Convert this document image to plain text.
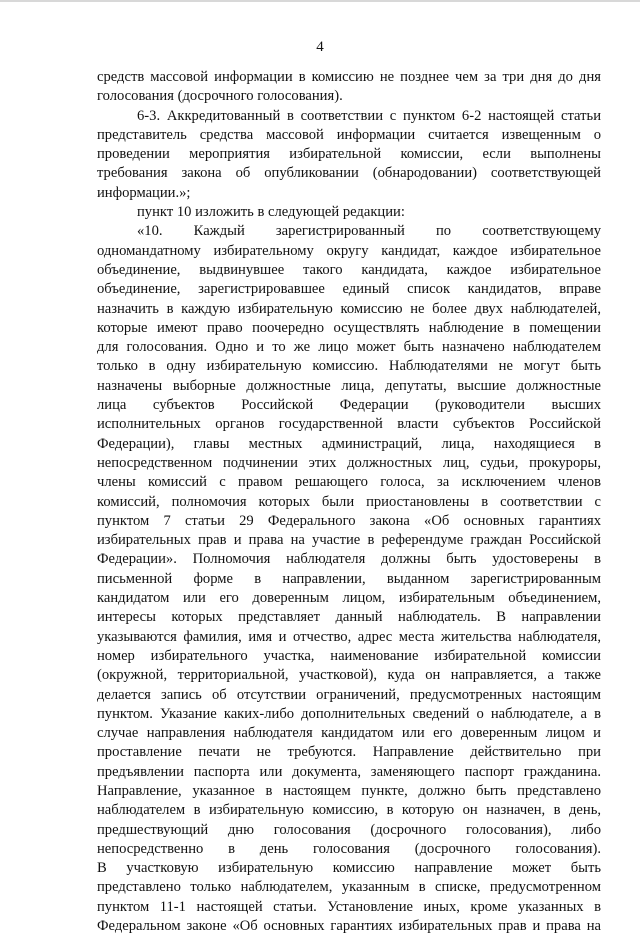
4
средств массовой информации в комиссию не позднее чем за три дня до дня
голосования (досрочного голосования).
6-3. Аккредитованный в соответствии с пунктом 6-2 настоящей статьи
представитель средства массовой информации считается извещенным о
проведении мероприятия избирательной комиссии, если выполнены
требования закона об опубликовании (обнародовании) соответствующей
информации.»;
пункт 10 изложить в следующей редакции:
«10. Каждый зарегистрированный по соответствующему
одномандатному избирательному округу кандидат, каждое избирательное
объединение, выдвинувшее такого кандидата, каждое избирательное
объединение, зарегистрировавшее единый список кандидатов, вправе
назначить в каждую избирательную комиссию не более двух наблюдателей,
которые имеют право поочередно осуществлять наблюдение в помещении
для голосования. Одно и то же лицо может быть назначено наблюдателем
только в одну избирательную комиссию. Наблюдателями не могут быть
назначены выборные должностные лица, депутаты, высшие должностные
лица субъектов Российской Федерации (руководители высших
исполнительных органов государственной власти субъектов Российской
Федерации), главы местных администраций, лица, находящиеся в
непосредственном подчинении этих должностных лиц, судьи, прокуроры,
члены комиссий с правом решающего голоса, за исключением членов
комиссий, полномочия которых были приостановлены в соответствии с
пунктом 7 статьи 29 Федерального закона «Об основных гарантиях
избирательных прав и права на участие в референдуме граждан Российской
Федерации». Полномочия наблюдателя должны быть удостоверены в
письменной форме в направлении, выданном зарегистрированным
кандидатом или его доверенным лицом, избирательным объединением,
интересы которых представляет данный наблюдатель. В направлении
указываются фамилия, имя и отчество, адрес места жительства наблюдателя,
номер избирательного участка, наименование избирательной комиссии
(окружной, территориальной, участковой), куда он направляется, а также
делается запись об отсутствии ограничений, предусмотренных настоящим
пунктом. Указание каких-либо дополнительных сведений о наблюдателе, а в
случае направления наблюдателя кандидатом или его доверенным лицом и
проставление печати не требуются. Направление действительно при
предъявлении паспорта или документа, заменяющего паспорт гражданина.
Направление, указанное в настоящем пункте, должно быть представлено
наблюдателем в избирательную комиссию, в которую он назначен, в день,
предшествующий дню голосования (досрочного голосования), либо
непосредственно в день голосования (досрочного голосования).
В участковую избирательную комиссию направление может быть
представлено только наблюдателем, указанным в списке, предусмотренном
пунктом 11-1 настоящей статьи. Установление иных, кроме указанных в
Федеральном законе «Об основных гарантиях избирательных прав и права на
